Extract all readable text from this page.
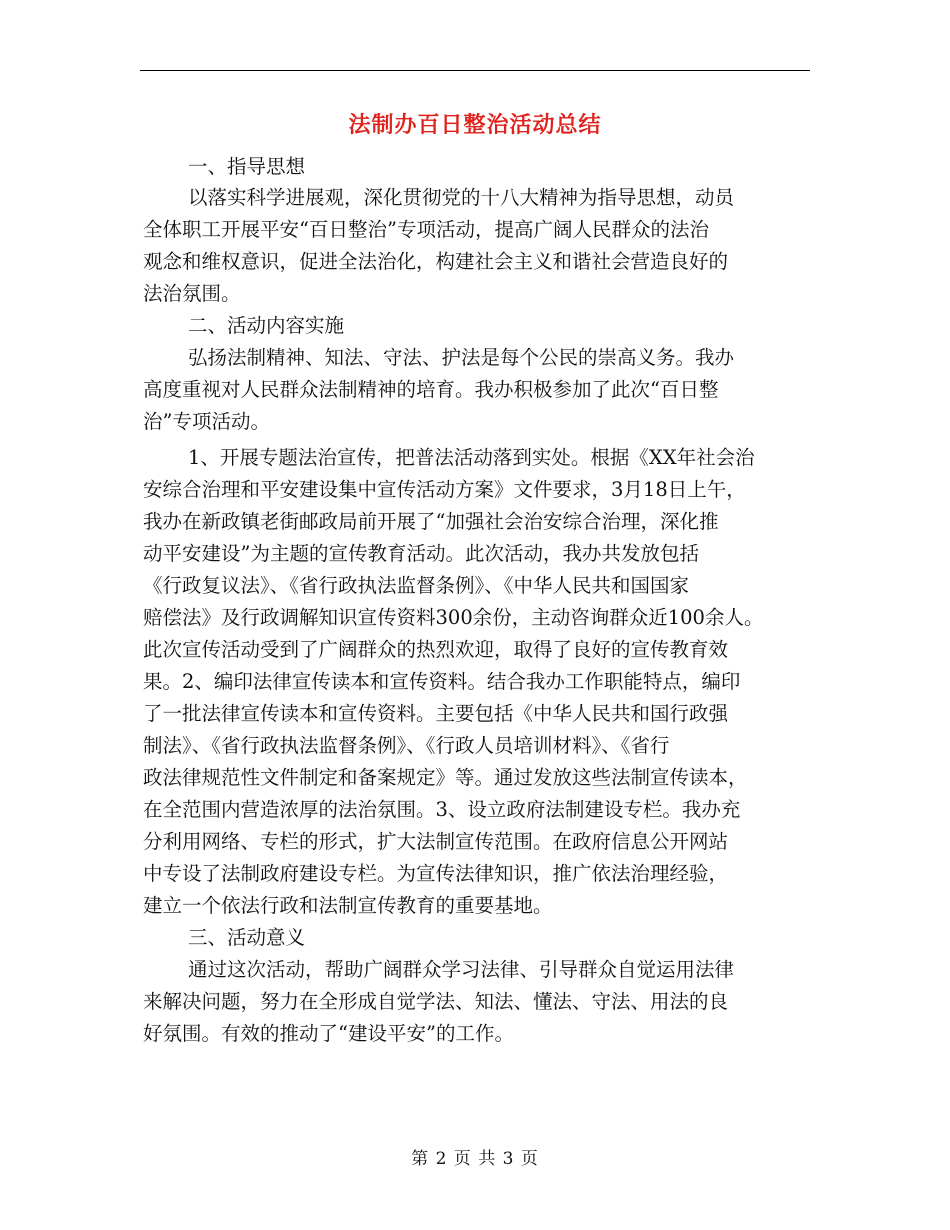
法制办百日整治活动总结
一、指导思想
以落实科学进展观，深化贯彻党的十八大精神为指导思想，动员
全体职工开展平安“百日整治”专项活动，提高广阔人民群众的法治
观念和维权意识，促进全法治化，构建社会主义和谐社会营造良好的
法治氛围。
二、活动内容实施
弘扬法制精神、知法、守法、护法是每个公民的崇高义务。我办
高度重视对人民群众法制精神的培育。我办积极参加了此次“百日整
治”专项活动。
1、开展专题法治宣传，把普法活动落到实处。根据《XX年社会治
安综合治理和平安建设集中宣传活动方案》文件要求，3月18日上午，
我办在新政镇老街邮政局前开展了“加强社会治安综合治理，深化推
动平安建设”为主题的宣传教育活动。此次活动，我办共发放包括
《行政复议法》、《省行政执法监督条例》、《中华人民共和国国家
赔偿法》及行政调解知识宣传资料300余份，主动咨询群众近100余人。
此次宣传活动受到了广阔群众的热烈欢迎，取得了良好的宣传教育效
果。2、编印法律宣传读本和宣传资料。结合我办工作职能特点，编印
了一批法律宣传读本和宣传资料。主要包括《中华人民共和国行政强
制法》、《省行政执法监督条例》、《行政人员培训材料》、《省行
政法律规范性文件制定和备案规定》等。通过发放这些法制宣传读本，
在全范围内营造浓厚的法治氛围。3、设立政府法制建设专栏。我办充
分利用网络、专栏的形式，扩大法制宣传范围。在政府信息公开网站
中专设了法制政府建设专栏。为宣传法律知识，推广依法治理经验，
建立一个依法行政和法制宣传教育的重要基地。
三、活动意义
通过这次活动，帮助广阔群众学习法律、引导群众自觉运用法律
来解决问题，努力在全形成自觉学法、知法、懂法、守法、用法的良
好氛围。有效的推动了“建设平安”的工作。
第 2 页 共 3 页
